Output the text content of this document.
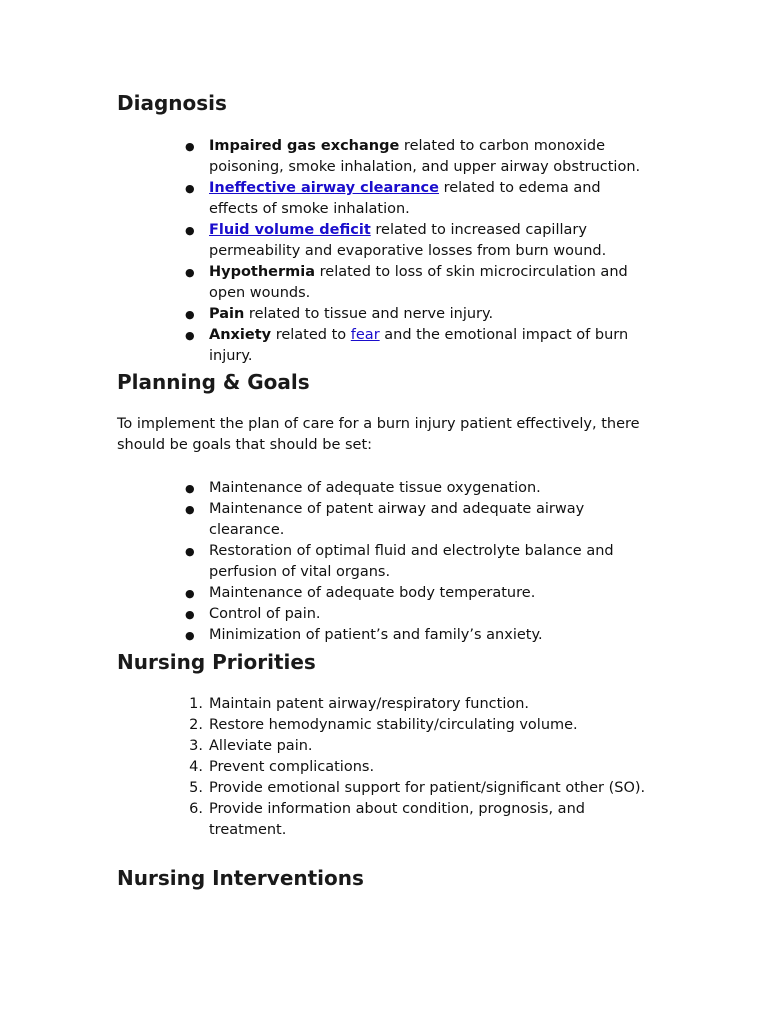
Diagnosis
● Impaired gas exchange related to carbon monoxide poisoning, smoke inhalation, and upper airway obstruction.
● Ineffective airway clearance related to edema and effects of smoke inhalation.
● Fluid volume deficit related to increased capillary permeability and evaporative losses from burn wound.
● Hypothermia related to loss of skin microcirculation and open wounds.
● Pain related to tissue and nerve injury.
● Anxiety related to fear and the emotional impact of burn injury.
Planning & Goals

To implement the plan of care for a burn injury patient effectively, there should be goals that should be set:

● Maintenance of adequate tissue oxygenation.
● Maintenance of patent airway and adequate airway clearance.
● Restoration of optimal fluid and electrolyte balance and perfusion of vital organs.
● Maintenance of adequate body temperature.
● Control of pain.
● Minimization of patient’s and family’s anxiety.
Nursing Priorities
1. Maintain patent airway/respiratory function.
2. Restore hemodynamic stability/circulating volume.
3. Alleviate pain.
4. Prevent complications.
5. Provide emotional support for patient/significant other (SO).
6. Provide information about condition, prognosis, and treatment.
Nursing Interventions
